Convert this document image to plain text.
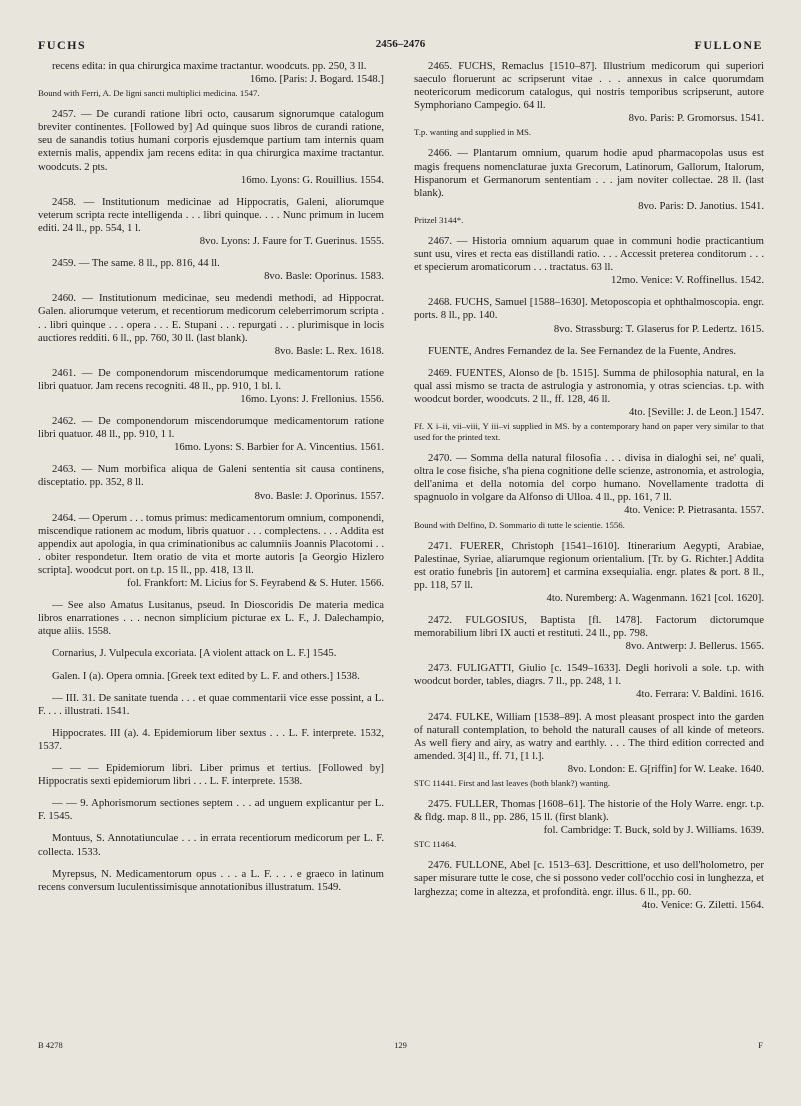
FUCHS	2456–2476	FULLONE
recens edita: in qua chirurgica maxime tractantur. woodcuts. pp. 250, 3 ll.
16mo. [Paris: J. Bogard. 1548.]
Bound with Ferri, A. De ligni sancti multiplici medicina. 1547.
2457. — De curandi ratione libri octo, causarum signorumque catalogum breviter continentes. [Followed by] Ad quinque suos libros de curandi ratione, seu de sanandis totius humani corporis ejusdemque partium tam internis quam externis malis, appendix jam recens edita: in qua chirurgica maxime tractantur. woodcuts. 2 pts.
16mo. Lyons: G. Rouillius. 1554.
2458. — Institutionum medicinae ad Hippocratis, Galeni, aliorumque veterum scripta recte intelligenda . . . libri quinque. . . . Nunc primum in lucem editi. 24 ll., pp. 554, 1 l.
8vo. Lyons: J. Faure for T. Guerinus. 1555.
2459. — The same. 8 ll., pp. 816, 44 ll.
8vo. Basle: Oporinus. 1583.
2460. — Institutionum medicinae, seu medendi methodi, ad Hippocrat. Galen. aliorumque veterum, et recentiorum medicorum celeberrimorum scripta . . . libri quinque . . . opera . . . E. Stupani . . . repurgati . . . plurimisque in locis auctiores redditi. 6 ll., pp. 760, 30 ll. (last blank).
8vo. Basle: L. Rex. 1618.
2461. — De componendorum miscendorumque medicamentorum ratione libri quatuor. Jam recens recogniti. 48 ll., pp. 910, 1 bl. l.
16mo. Lyons: J. Frellonius. 1556.
2462. — De componendorum miscendorumque medicamentorum ratione libri quatuor. 48 ll., pp. 910, 1 l.
16mo. Lyons: S. Barbier for A. Vincentius. 1561.
2463. — Num morbifica aliqua de Galeni sententia sit causa continens, disceptatio. pp. 352, 8 ll.
8vo. Basle: J. Oporinus. 1557.
2464. — Operum . . . tomus primus: medicamentorum omnium, componendi, miscendique rationem ac modum, libris quatuor . . . complectens. . . . Addita est appendix aut apologia, in qua criminationibus ac calumniis Joannis Placotomi . . . obiter respondetur. Item oratio de vita et morte autoris [a Georgio Hizlero scripta]. woodcut port. on t.p. 15 ll., pp. 418, 13 ll.
fol. Frankfort: M. Licius for S. Feyrabend & S. Huter. 1566.
— See also Amatus Lusitanus, pseud. In Dioscoridis De materia medica libros enarrationes . . . necnon simplicium picturae ex L. F., J. Dalechampio, atque aliis. 1558.
Cornarius, J. Vulpecula excoriata. [A violent attack on L. F.] 1545.
Galen. I (a). Opera omnia. [Greek text edited by L. F. and others.] 1538.
— III. 31. De sanitate tuenda . . . et quae commentarii vice esse possint, a L. F. . . . illustrati. 1541.
Hippocrates. III (a). 4. Epidemiorum liber sextus . . . L. F. interprete. 1532, 1537.
— — — Epidemiorum libri. Liber primus et tertius. [Followed by] Hippocratis sexti epidemiorum libri . . . L. F. interprete. 1538.
— — 9. Aphorismorum sectiones septem . . . ad unguem explicantur per L. F. 1545.
Montuus, S. Annotatiunculae . . . in errata recentiorum medicorum per L. F. collecta. 1533.
Myrepsus, N. Medicamentorum opus . . . a L. F. . . . e graeco in latinum recens conversum luculentissimisque annotationibus illustratum. 1549.
2465. FUCHS, Remaclus [1510–87]. Illustrium medicorum qui superiori saeculo floruerunt ac scripserunt vitae . . . annexus in calce quorumdam neotericorum medicorum catalogus, qui nostris temporibus scripserunt, autore Symphoriano Campegio. 64 ll.
8vo. Paris: P. Gromorsus. 1541.
T.p. wanting and supplied in MS.
2466. — Plantarum omnium, quarum hodie apud pharmacopolas usus est magis frequens nomenclaturae juxta Grecorum, Latinorum, Gallorum, Italorum, Hispanorum et Germanorum sententiam . . . jam noviter collectae. 28 ll. (last blank).
8vo. Paris: D. Janotius. 1541.
Pritzel 3144*.
2467. — Historia omnium aquarum quae in communi hodie practicantium sunt usu, vires et recta eas distillandi ratio. . . . Accessit preterea conditorum . . . et specierum aromaticorum . . . tractatus. 63 ll.
12mo. Venice: V. Roffinellus. 1542.
2468. FUCHS, Samuel [1588–1630]. Metoposcopia et ophthalmoscopia. engr. ports. 8 ll., pp. 140.
8vo. Strassburg: T. Glaserus for P. Ledertz. 1615.
FUENTE, Andres Fernandez de la. See Fernandez de la Fuente, Andres.
2469. FUENTES, Alonso de [b. 1515]. Summa de philosophia natural, en la qual assi mismo se tracta de astrulogia y astronomia, y otras sciencias. t.p. with woodcut border, woodcuts. 2 ll., ff. 128, 46 ll.
4to. [Seville: J. de Leon.] 1547.
Ff. X i–ii, vii–viii, Y iii–vi supplied in MS. by a contemporary hand on paper very similar to that used for the printed text.
2470. — Somma della natural filosofia . . . divisa in dialoghi sei, ne' quali, oltra le cose fisiche, s'ha piena cognitione delle scienze, astronomia, et astrologia, dell'anima et della notomia del corpo humano. Novellamente tradotta di spagnuolo in volgare da Alfonso di Ulloa. 4 ll., pp. 161, 7 ll.
4to. Venice: P. Pietrasanta. 1557.
Bound with Delfino, D. Sommario di tutte le scientie. 1556.
2471. FUERER, Christoph [1541–1610]. Itinerarium Aegypti, Arabiae, Palestinae, Syriae, aliarumque regionum orientalium. [Tr. by G. Richter.] Addita est oratio funebris [in autorem] et carmina exsequialia. engr. plates & port. 8 ll., pp. 118, 57 ll.
4to. Nuremberg: A. Wagenmann. 1621 [col. 1620].
2472. FULGOSIUS, Baptista [fl. 1478]. Factorum dictorumque memorabilium libri IX aucti et restituti. 24 ll., pp. 798.
8vo. Antwerp: J. Bellerus. 1565.
2473. FULIGATTI, Giulio [c. 1549–1633]. Degli horivoli a sole. t.p. with woodcut border, tables, diagrs. 7 ll., pp. 248, 1 l.
4to. Ferrara: V. Baldini. 1616.
2474. FULKE, William [1538–89]. A most pleasant prospect into the garden of naturall contemplation, to behold the naturall causes of all kinde of meteors. As well fiery and airy, as watry and earthly. . . . The third edition corrected and amended. 3[4] ll., ff. 71, [1 l.].
8vo. London: E. G[riffin] for W. Leake. 1640.
STC 11441. First and last leaves (both blank?) wanting.
2475. FULLER, Thomas [1608–61]. The historie of the Holy Warre. engr. t.p. & fldg. map. 8 ll., pp. 286, 15 ll. (first blank).
fol. Cambridge: T. Buck, sold by J. Williams. 1639.
STC 11464.
2476. FULLONE, Abel [c. 1513–63]. Descrittione, et uso dell'holometro, per saper misurare tutte le cose, che si possono veder coll'occhio cosi in lunghezza, et larghezza; come in altezza, et profondità. engr. illus. 6 ll., pp. 60.
4to. Venice: G. Ziletti. 1564.
B 4278	129	F
